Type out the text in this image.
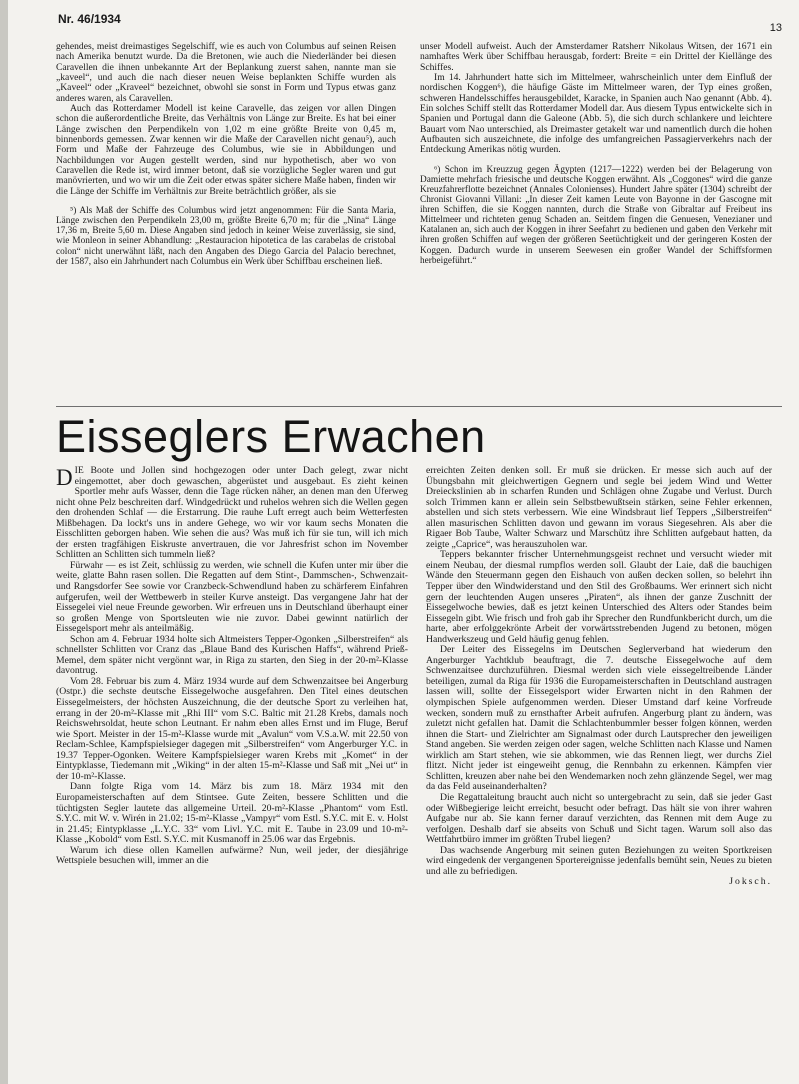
Nr. 46/1934
13

gehendes, meist dreimastiges Segelschiff, wie es auch von Columbus auf seinen Reisen nach Amerika benutzt wurde. Da die Bretonen, wie auch die Niederländer bei diesen Caravellen die ihnen unbekannte Art der Beplankung zuerst sahen, nannte man sie „kaveel“, und auch die nach dieser neuen Weise beplankten Schiffe wurden als „Kaveel“ oder „Kraveel“ bezeichnet, obwohl sie sonst in Form und Typus etwas ganz anderes waren, als Caravellen.

Auch das Rotterdamer Modell ist keine Caravelle, das zeigen vor allen Dingen schon die außerordentliche Breite, das Verhältnis von Länge zur Breite. Es hat bei einer Länge zwischen den Perpendikeln von 1,02 m eine größte Breite von 0,45 m, binnenbords gemessen. Zwar kennen wir die Maße der Caravellen nicht genau⁵), auch Form und Maße der Fahrzeuge des Columbus, wie sie in Abbildungen und Nachbildungen vor Augen gestellt werden, sind nur hypothetisch, aber wo von Caravellen die Rede ist, wird immer betont, daß sie vorzügliche Segler waren und gut manövrierten, und wo wir um die Zeit oder etwas später sichere Maße haben, finden wir die Länge der Schiffe im Verhältnis zur Breite beträchtlich größer, als sie

⁵) Als Maß der Schiffe des Columbus wird jetzt angenommen: Für die Santa Maria, Länge zwischen den Perpendikeln 23,00 m, größte Breite 6,70 m; für die „Nina“ Länge 17,36 m, Breite 5,60 m. Diese Angaben sind jedoch in keiner Weise zuverlässig, sie sind, wie Monleon in seiner Abhandlung: „Restauracion hipotetica de las carabelas de cristobal colon“ nicht unerwähnt läßt, nach den Angaben des Diego Garcia del Palacio berechnet, der 1587, also ein Jahrhundert nach Columbus ein Werk über Schiffbau erscheinen ließ.

unser Modell aufweist. Auch der Amsterdamer Ratsherr Nikolaus Witsen, der 1671 ein namhaftes Werk über Schiffbau herausgab, fordert: Breite = ein Drittel der Kiellänge des Schiffes.

Im 14. Jahrhundert hatte sich im Mittelmeer, wahrscheinlich unter dem Einfluß der nordischen Koggen⁶), die häufige Gäste im Mittelmeer waren, der Typ eines großen, schweren Handelsschiffes herausgebildet, Karacke, in Spanien auch Nao genannt (Abb. 4). Ein solches Schiff stellt das Rotterdamer Modell dar. Aus diesem Typus entwickelte sich in Spanien und Portugal dann die Galeone (Abb. 5), die sich durch schlankere und leichtere Bauart vom Nao unterschied, als Dreimaster getakelt war und namentlich durch die hohen Aufbauten sich auszeichnete, die infolge des umfangreichen Passagierverkehrs nach der Entdeckung Amerikas nötig wurden.

⁶) Schon im Kreuzzug gegen Ägypten (1217—1222) werden bei der Belagerung von Damiette mehrfach friesische und deutsche Koggen erwähnt. Als „Coggones“ wird die ganze Kreuzfahrerflotte bezeichnet (Annales Colonienses). Hundert Jahre später (1304) schreibt der Chronist Giovanni Villani: „In dieser Zeit kamen Leute von Bayonne in der Gascogne mit ihren Schiffen, die sie Koggen nannten, durch die Straße von Gibraltar auf Freibeut ins Mittelmeer und richteten genug Schaden an. Seitdem fingen die Genuesen, Venezianer und Katalanen an, sich auch der Koggen in ihrer Seefahrt zu bedienen und gaben den Verkehr mit ihren großen Schiffen auf wegen der größeren Seetüchtigkeit und der geringeren Kosten der Koggen. Dadurch wurde in unserem Seewesen ein großer Wandel der Schiffsformen herbeigeführt.“

Eisseglers Erwachen

DIE Boote und Jollen sind hochgezogen oder unter Dach gelegt, zwar nicht eingemottet, aber doch gewaschen, abgerüstet und ausgebaut. Es zieht keinen Sportler mehr aufs Wasser, denn die Tage rücken näher, an denen man den Uferweg nicht ohne Pelz beschreiten darf. Windgedrückt und ruhelos wehren sich die Wellen gegen den drohenden Schlaf — die Erstarrung. Die rauhe Luft erregt auch beim Wetterfesten Mißbehagen. Da lockt's uns in andere Gehege, wo wir vor kaum sechs Monaten die Eisschlitten geborgen haben. Wie sehen die aus? Was muß ich für sie tun, will ich mich der ersten tragfähigen Eiskruste anvertrauen, die vor Jahresfrist schon im November Schlitten an Schlitten sich tummeln ließ?

Fürwahr — es ist Zeit, schlüssig zu werden, wie schnell die Kufen unter mir über die weite, glatte Bahn rasen sollen. Die Regatten auf dem Stint-, Dammschen-, Schwenzait- und Rangsdorfer See sowie vor Cranzbeck-Schwendlund haben zu schärferem Einfahren aufgerufen, weil der Wettbewerb in steiler Kurve ansteigt. Das vergangene Jahr hat der Eissegelei viel neue Freunde geworben. Wir erfreuen uns in Deutschland überhaupt einer so großen Menge von Sportsleuten wie nie zuvor. Dabei gewinnt natürlich der Eissegelsport mehr als anteilmäßig.

Schon am 4. Februar 1934 holte sich Altmeisters Tepper-Ogonken „Silberstreifen“ als schnellster Schlitten vor Cranz das „Blaue Band des Kurischen Haffs“, während Prieß-Memel, dem später nicht vergönnt war, in Riga zu starten, den Sieg in der 20-m²-Klasse davontrug.

Vom 28. Februar bis zum 4. März 1934 wurde auf dem Schwenzaitsee bei Angerburg (Ostpr.) die sechste deutsche Eissegelwoche ausgefahren. Den Titel eines deutschen Eissegelmeisters, der höchsten Auszeichnung, die der deutsche Sport zu verleihen hat, errang in der 20-m²-Klasse mit „Rhi III“ vom S.C. Baltic mit 21.28 Krebs, damals noch Reichswehrsoldat, heute schon Leutnant. Er nahm eben alles Ernst und im Fluge, Beruf wie Sport. Meister in der 15-m²-Klasse wurde mit „Avalun“ vom V.S.a.W. mit 22.50 von Reclam-Schlee, Kampfspielsieger dagegen mit „Silberstreifen“ vom Angerburger Y.C. in 19.37 Tepper-Ogonken. Weitere Kampfspielsieger waren Krebs mit „Komet“ in der Eintypklasse, Tiedemann mit „Wiking“ in der alten 15-m²-Klasse und Saß mit „Nei ut“ in der 10-m²-Klasse.

Dann folgte Riga vom 14. März bis zum 18. März 1934 mit den Europameisterschaften auf dem Stintsee. Gute Zeiten, bessere Schlitten und die tüchtigsten Segler lautete das allgemeine Urteil. 20-m²-Klasse „Phantom“ vom Estl. S.Y.C. mit W. v. Wirén in 21.02; 15-m²-Klasse „Vampyr“ vom Estl. S.Y.C. mit E. v. Holst in 21.45; Eintypklasse „L.Y.C. 33“ vom Livl. Y.C. mit E. Taube in 23.09 und 10-m²-Klasse „Kobold“ vom Estl. S.Y.C. mit Kusmanoff in 25.06 war das Ergebnis.

Warum ich diese ollen Kamellen aufwärme? Nun, weil jeder, der diesjährige Wettspiele besuchen will, immer an die

erreichten Zeiten denken soll. Er muß sie drücken. Er messe sich auch auf der Übungsbahn mit gleichwertigen Gegnern und segle bei jedem Wind und Wetter Dreieckslinien ab in scharfen Runden und Schlägen ohne Zugabe und Verlust. Durch solch Trimmen kann er allein sein Selbstbewußtsein stärken, seine Fehler erkennen, abstellen und sich stets verbessern. Wie eine Windsbraut lief Teppers „Silberstreifen“ allen masurischen Schlitten davon und gewann im voraus Siegesehren. Als aber die Rigaer Bob Taube, Walter Schwarz und Marschütz ihre Schlitten aufgebaut hatten, da zeigte „Caprice“, was herauszuholen war.

Teppers bekannter frischer Unternehmungsgeist rechnet und versucht wieder mit einem Neubau, der diesmal rumpflos werden soll. Glaubt der Laie, daß die bauchigen Wände den Steuermann gegen den Eishauch von außen decken sollen, so belehrt ihn Tepper über den Windwiderstand und den Stil des Großbaums. Wer erinnert sich nicht gern der leuchtenden Augen unseres „Piraten“, als ihnen der ganze Zuschnitt der Eissegelwoche bewies, daß es jetzt keinen Unterschied des Alters oder Standes beim Eissegeln gibt. Wie frisch und froh gab ihr Sprecher den Rundfunkbericht durch, um die harte, aber erfolggekrönte Arbeit der vorwärtsstrebenden Jugend zu betonen, mögen Handwerkszeug und Geld häufig genug fehlen.

Der Leiter des Eissegelns im Deutschen Seglerverband hat wiederum den Angerburger Yachtklub beauftragt, die 7. deutsche Eissegelwoche auf dem Schwenzaitsee durchzuführen. Diesmal werden sich viele eissegeltreibende Länder beteiligen, zumal da Riga für 1936 die Europameisterschaften in Deutschland austragen lassen will, sollte der Eissegelsport wider Erwarten nicht in den Rahmen der olympischen Spiele aufgenommen werden. Dieser Umstand darf keine Vorfreude wecken, sondern muß zu ernsthafter Arbeit aufrufen. Angerburg plant zu ändern, was zuletzt nicht gefallen hat. Damit die Schlachtenbummler besser folgen können, werden ihnen die Start- und Zielrichter am Signalmast oder durch Lautsprecher den jeweiligen Stand angeben. Sie werden zeigen oder sagen, welche Schlitten nach Klasse und Namen wirklich am Start stehen, wie sie abkommen, wie das Rennen liegt, wer durchs Ziel flitzt. Nicht jeder ist eingeweiht genug, die Rennbahn zu erkennen. Kämpfen vier Schlitten, kreuzen aber nahe bei den Wendemarken noch zehn glänzende Segel, wer mag da das Feld auseinanderhalten?

Die Regattaleitung braucht auch nicht so untergebracht zu sein, daß sie jeder Gast oder Wißbegierige leicht erreicht, besucht oder befragt. Das hält sie von ihrer wahren Aufgabe nur ab. Sie kann ferner darauf verzichten, das Rennen mit dem Auge zu verfolgen. Deshalb darf sie abseits von Schuß und Sicht tagen. Warum soll also das Wettfahrtbüro immer im größten Trubel liegen?

Das wachsende Angerburg mit seinen guten Beziehungen zu weiten Sportkreisen wird eingedenk der vergangenen Sportereignisse jedenfalls bemüht sein, Neues zu bieten und alle zu befriedigen.

Joksch.
